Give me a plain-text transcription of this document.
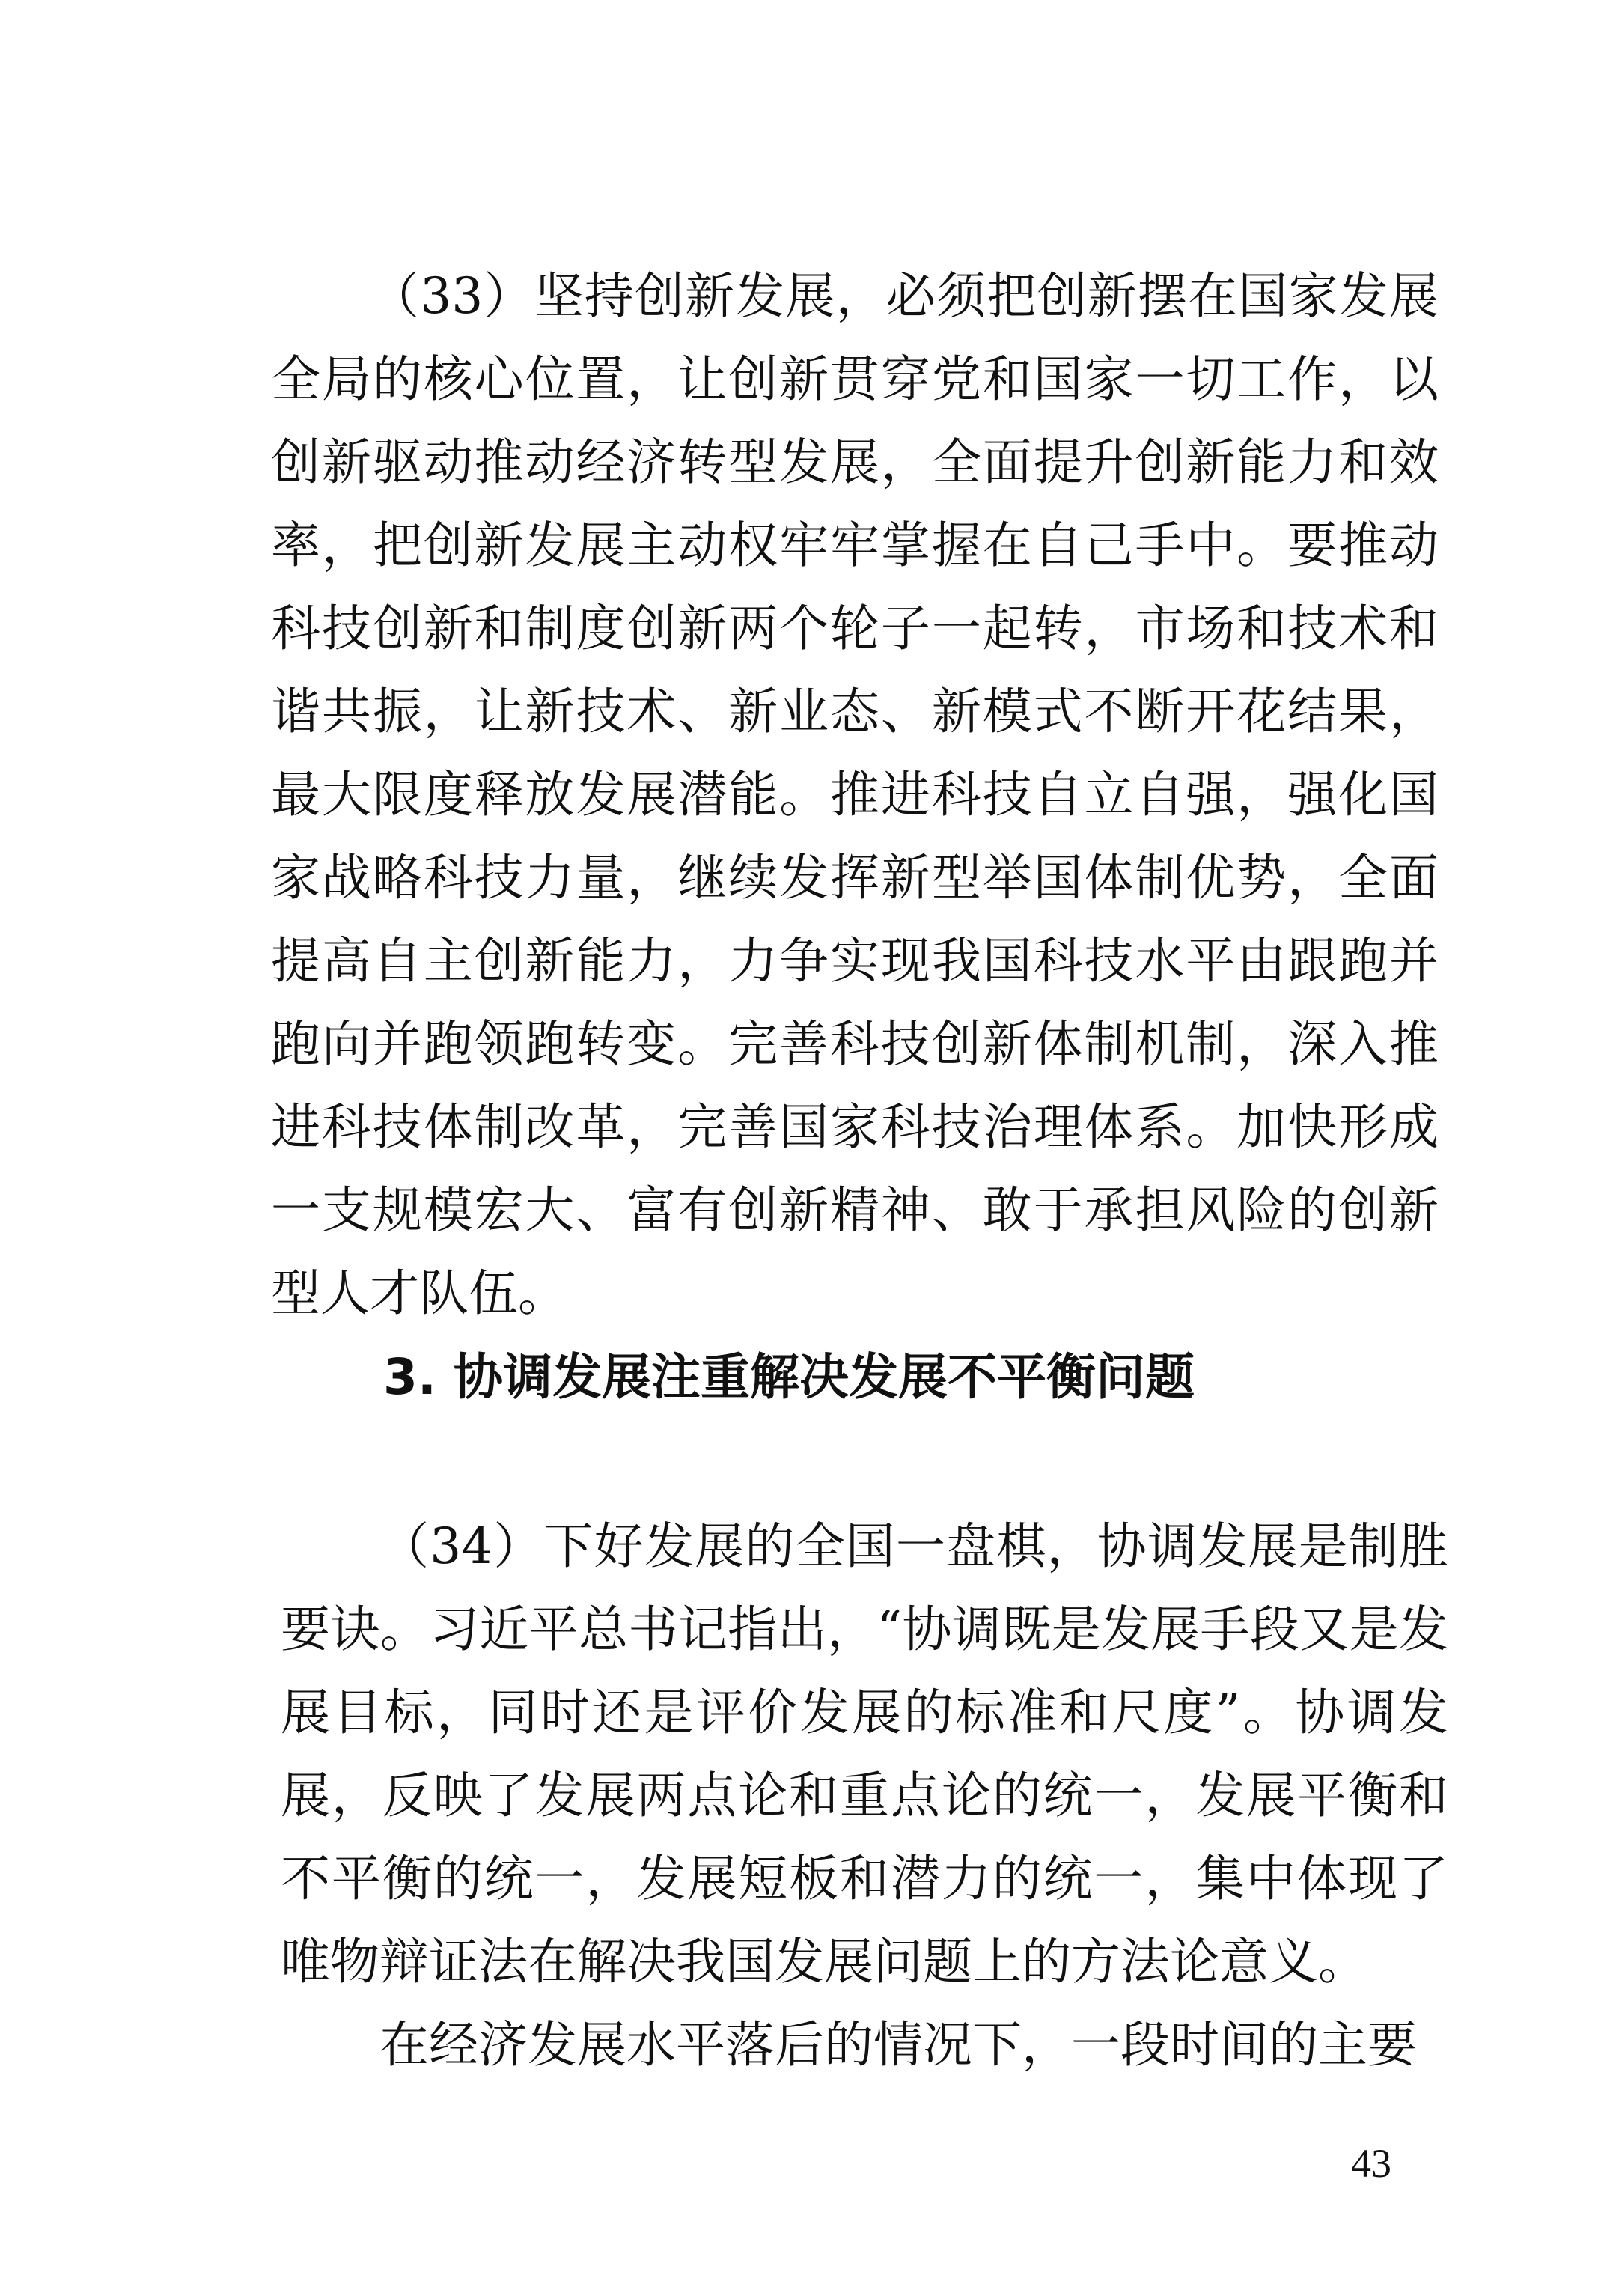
（33）坚持创新发展，必须把创新摆在国家发展全局的核心位置，让创新贯穿党和国家一切工作，以创新驱动推动经济转型发展，全面提升创新能力和效率，把创新发展主动权牢牢掌握在自己手中。要推动科技创新和制度创新两个轮子一起转，市场和技术和谐共振，让新技术、新业态、新模式不断开花结果，最大限度释放发展潜能。推进科技自立自强，强化国家战略科技力量，继续发挥新型举国体制优势，全面提高自主创新能力，力争实现我国科技水平由跟跑并跑向并跑领跑转变。完善科技创新体制机制，深入推进科技体制改革，完善国家科技治理体系。加快形成一支规模宏大、富有创新精神、敢于承担风险的创新型人才队伍。

3. 协调发展注重解决发展不平衡问题

（34）下好发展的全国一盘棋，协调发展是制胜要诀。习近平总书记指出，“协调既是发展手段又是发展目标，同时还是评价发展的标准和尺度”。协调发展，反映了发展两点论和重点论的统一，发展平衡和不平衡的统一，发展短板和潜力的统一，集中体现了唯物辩证法在解决我国发展问题上的方法论意义。

在经济发展水平落后的情况下，一段时间的主要

43
